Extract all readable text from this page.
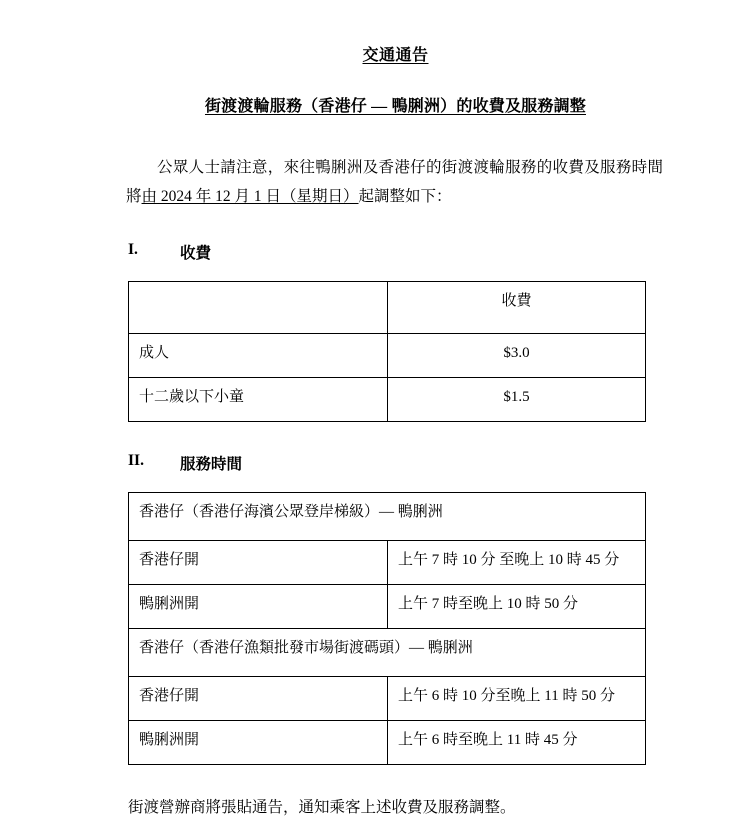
交通通告
街渡渡輪服務（香港仔 — 鴨脷洲）的收費及服務調整

公眾人士請注意，來往鴨脷洲及香港仔的街渡渡輪服務的收費及服務時間將由 2024 年 12 月 1 日（星期日）起調整如下：

I.	收費
	收費
成人	$3.0
十二歲以下小童	$1.5
II.	服務時間
香港仔（香港仔海濱公眾登岸梯級）— 鴨脷洲	
香港仔開	上午 7 時 10 分 至晚上 10 時 45 分
鴨脷洲開	上午 7 時至晚上 10 時 50 分
香港仔（香港仔漁類批發市場街渡碼頭）— 鴨脷洲	
香港仔開	上午 6 時 10 分至晚上 11 時 50 分
鴨脷洲開	上午 6 時至晚上 11 時 45 分

街渡營辦商將張貼通告，通知乘客上述收費及服務調整。
